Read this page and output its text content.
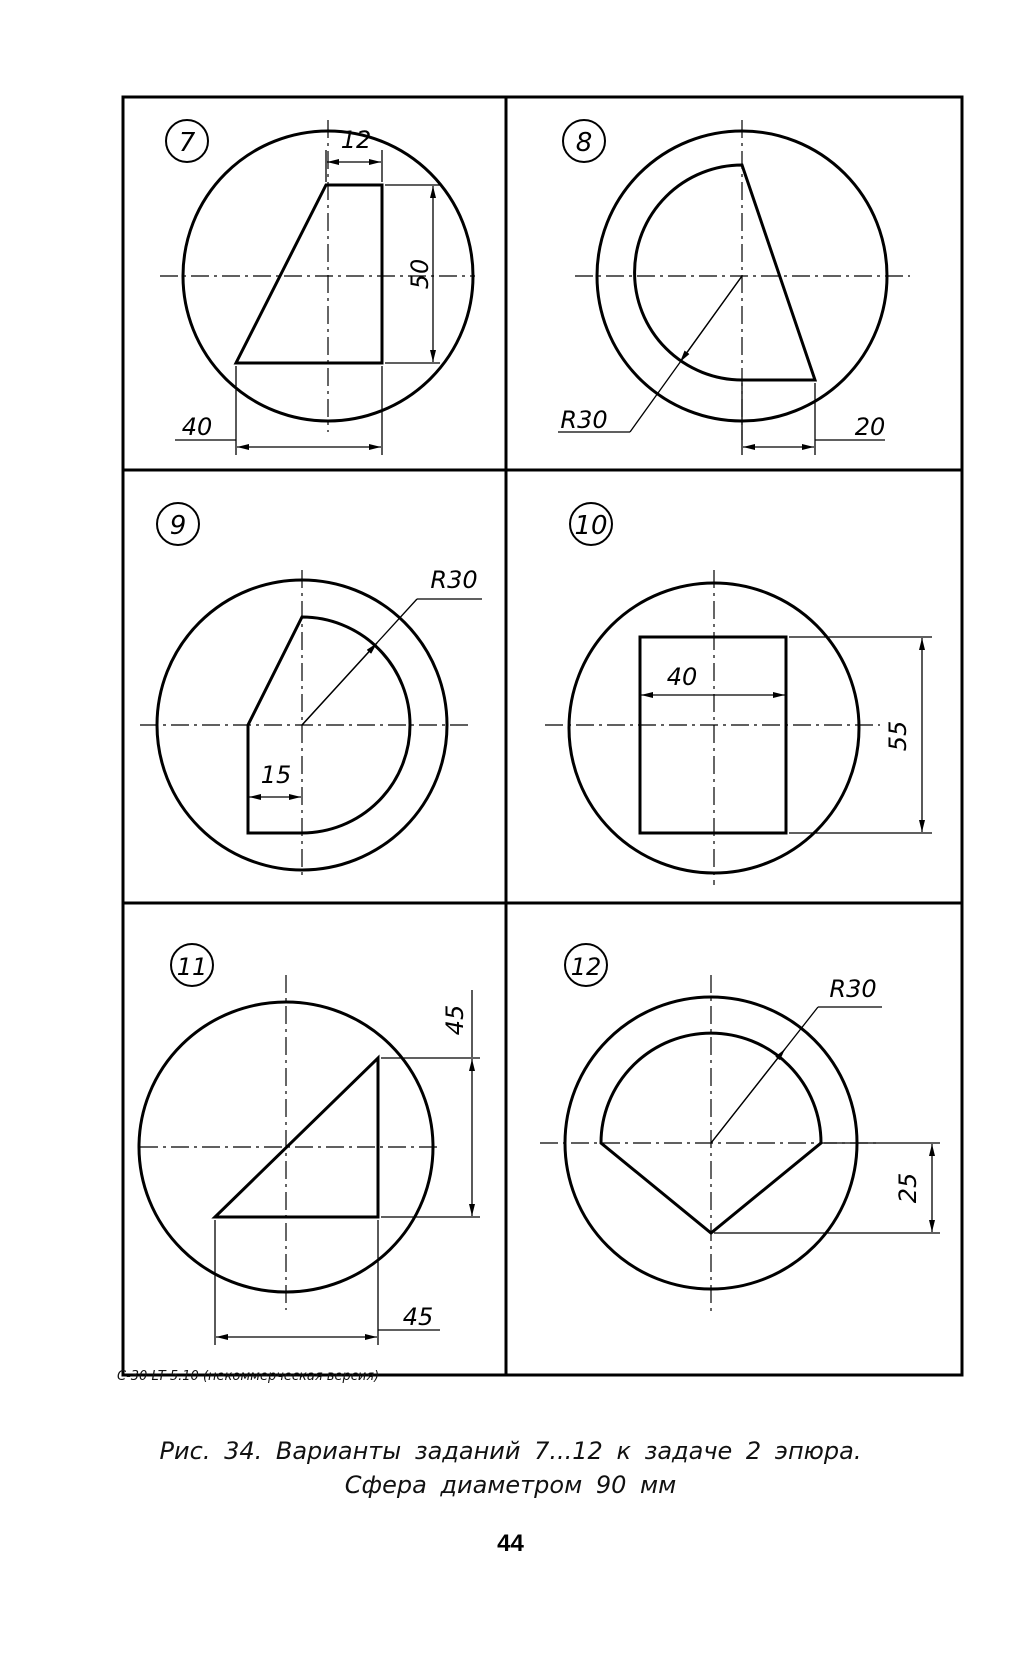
7	12
50
40
8
R30	20
9
R30
15
10
40
55
11
45
45
12
R30
25
С-30 LT 5.10 (некоммерческая версия)
Рис. 34. Варианты заданий 7...12 к задаче 2 эпюра.
Сфера диаметром 90 мм
44
